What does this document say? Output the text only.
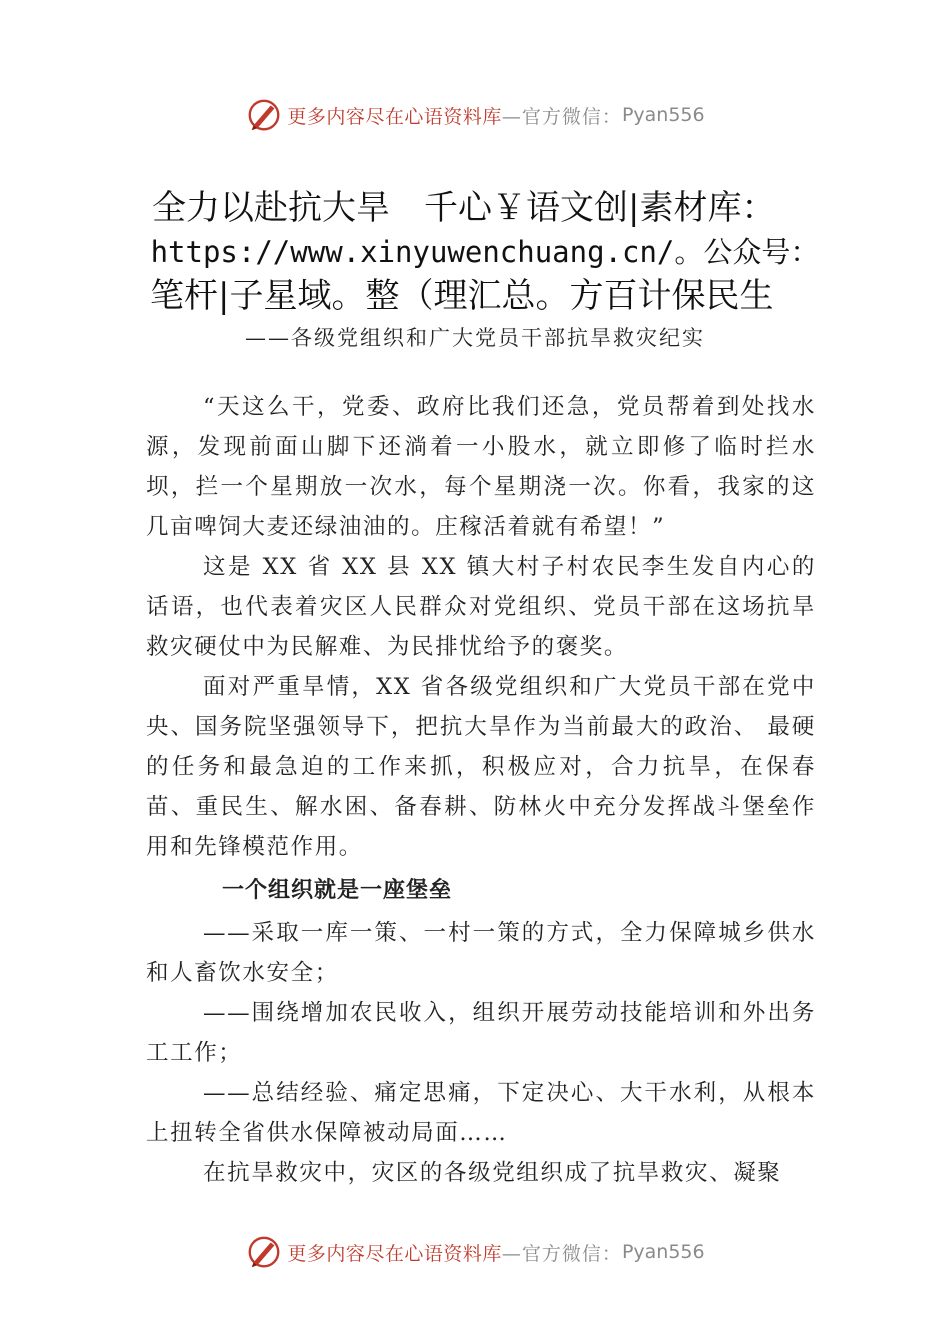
更多内容尽在心语资料库 —官方微信： Pyan556
全力以赴抗大旱　千心￥语文创|素材库：
https://www.xinyuwenchuang.cn/。公众号：
笔杆|子星域。整（理汇总。方百计保民生
——各级党组织和广大党员干部抗旱救灾纪实

“天这么干，党委、政府比我们还急，党员帮着到处找水源，发现前面山脚下还淌着一小股水，就立即修了临时拦水坝，拦一个星期放一次水，每个星期浇一次。你看，我家的这几亩啤饲大麦还绿油油的。庄稼活着就有希望！”

这是 XX 省 XX 县 XX 镇大村子村农民李生发自内心的话语，也代表着灾区人民群众对党组织、党员干部在这场抗旱救灾硬仗中为民解难、为民排忧给予的褒奖。

面对严重旱情，XX 省各级党组织和广大党员干部在党中央、国务院坚强领导下，把抗大旱作为当前最大的政治、 最硬的任务和最急迫的工作来抓，积极应对，合力抗旱，在保春苗、重民生、解水困、备春耕、防林火中充分发挥战斗堡垒作用和先锋模范作用。

一个组织就是一座堡垒

——采取一库一策、一村一策的方式，全力保障城乡供水和人畜饮水安全；

——围绕增加农民收入，组织开展劳动技能培训和外出务工工作；

——总结经验、痛定思痛，下定决心、大干水利，从根本上扭转全省供水保障被动局面……

在抗旱救灾中，灾区的各级党组织成了抗旱救灾、凝聚

更多内容尽在心语资料库 —官方微信： Pyan556
